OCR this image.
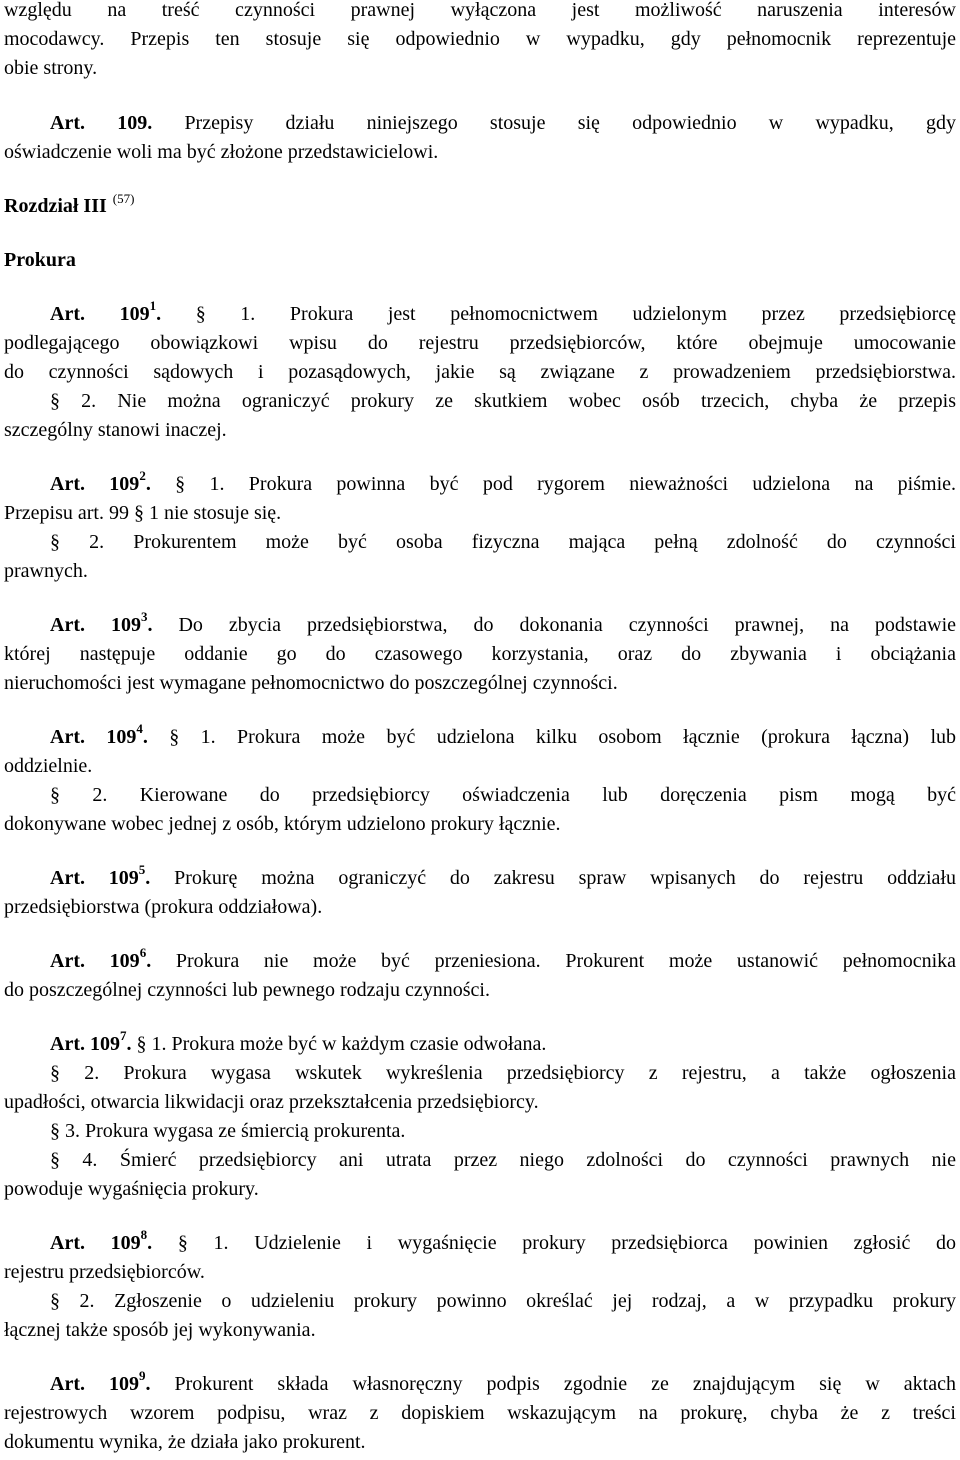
względu na treść czynności prawnej wyłączona jest możliwość naruszenia interesów
mocodawcy. Przepis ten stosuje się odpowiednio w wypadku, gdy pełnomocnik reprezentuje
obie strony.
Art. 109. Przepisy działu niniejszego stosuje się odpowiednio w wypadku, gdy
oświadczenie woli ma być złożone przedstawicielowi.
Rozdział III $^{(57)}$
Prokura
Art. $109^1$. § 1. Prokura jest pełnomocnictwem udzielonym przez przedsiębiorcę
podlegającego obowiązkowi wpisu do rejestru przedsiębiorców, które obejmuje umocowanie
do czynności sądowych i pozasądowych, jakie są związane z prowadzeniem przedsiębiorstwa.
§ 2. Nie można ograniczyć prokury ze skutkiem wobec osób trzecich, chyba że przepis
szczególny stanowi inaczej.
Art. $109^2$. § 1. Prokura powinna być pod rygorem nieważności udzielona na piśmie.
Przepisu art. 99 § 1 nie stosuje się.
§ 2. Prokurentem może być osoba fizyczna mająca pełną zdolność do czynności
prawnych.
Art. $109^3$. Do zbycia przedsiębiorstwa, do dokonania czynności prawnej, na podstawie
której następuje oddanie go do czasowego korzystania, oraz do zbywania i obciążania
nieruchomości jest wymagane pełnomocnictwo do poszczególnej czynności.
Art. $109^4$. § 1. Prokura może być udzielona kilku osobom łącznie (prokura łączna) lub
oddzielnie.
§ 2. Kierowane do przedsiębiorcy oświadczenia lub doręczenia pism mogą być
dokonywane wobec jednej z osób, którym udzielono prokury łącznie.
Art. $109^5$. Prokurę można ograniczyć do zakresu spraw wpisanych do rejestru oddziału
przedsiębiorstwa (prokura oddziałowa).
Art. $109^6$. Prokura nie może być przeniesiona. Prokurent może ustanowić pełnomocnika
do poszczególnej czynności lub pewnego rodzaju czynności.
Art. $109^7$. § 1. Prokura może być w każdym czasie odwołana.
§ 2. Prokura wygasa wskutek wykreślenia przedsiębiorcy z rejestru, a także ogłoszenia
upadłości, otwarcia likwidacji oraz przekształcenia przedsiębiorcy.
§ 3. Prokura wygasa ze śmiercią prokurenta.
§ 4. Śmierć przedsiębiorcy ani utrata przez niego zdolności do czynności prawnych nie
powoduje wygaśnięcia prokury.
Art. $109^8$. § 1. Udzielenie i wygaśnięcie prokury przedsiębiorca powinien zgłosić do
rejestru przedsiębiorców.
§ 2. Zgłoszenie o udzieleniu prokury powinno określać jej rodzaj, a w przypadku prokury
łącznej także sposób jej wykonywania.
Art. $109^9$. Prokurent składa własnoręczny podpis zgodnie ze znajdującym się w aktach
rejestrowych wzorem podpisu, wraz z dopiskiem wskazującym na prokurę, chyba że z treści
dokumentu wynika, że działa jako prokurent.
